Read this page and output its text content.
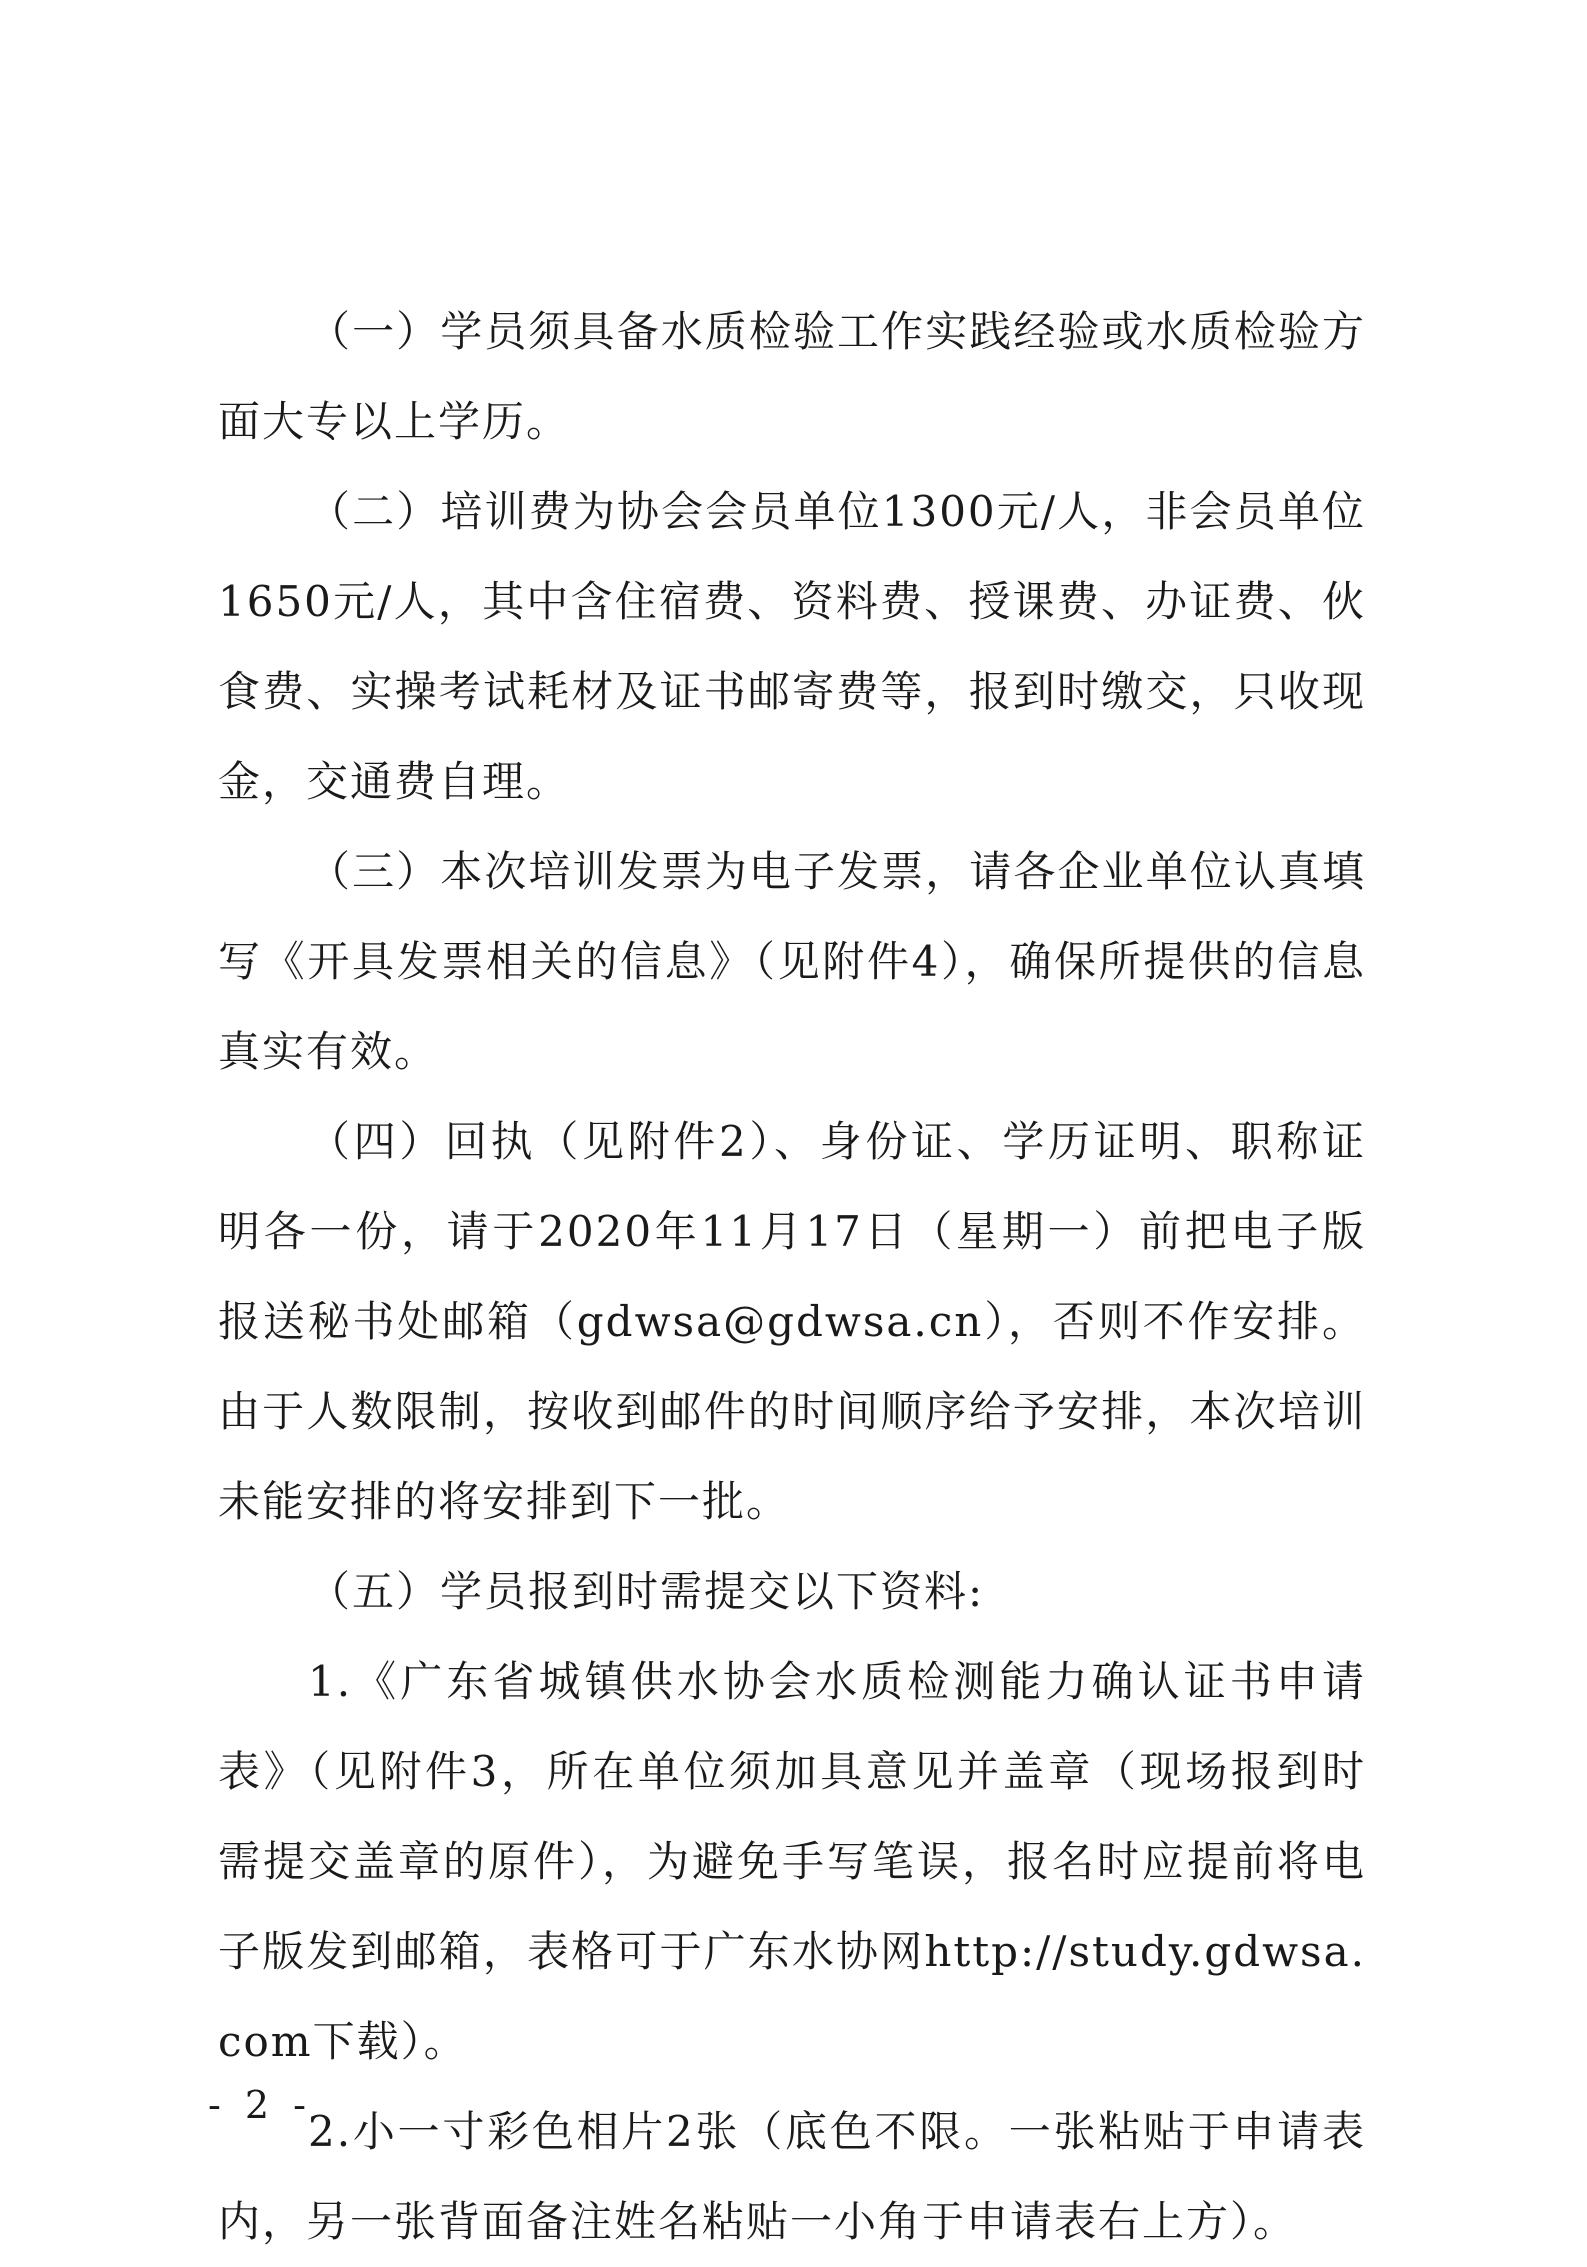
（一）学员须具备水质检验工作实践经验或水质检验方面大专以上学历。

（二）培训费为协会会员单位1300元/人，非会员单位1650元/人，其中含住宿费、资料费、授课费、办证费、伙食费、实操考试耗材及证书邮寄费等，报到时缴交，只收现金，交通费自理。

（三）本次培训发票为电子发票，请各企业单位认真填写《开具发票相关的信息》（见附件4），确保所提供的信息真实有效。

（四）回执（见附件2）、身份证、学历证明、职称证明各一份，请于2020年11月17日（星期一）前把电子版报送秘书处邮箱（gdwsa@gdwsa.cn），否则不作安排。由于人数限制，按收到邮件的时间顺序给予安排，本次培训未能安排的将安排到下一批。

（五）学员报到时需提交以下资料:

1.《广东省城镇供水协会水质检测能力确认证书申请表》（见附件3，所在单位须加具意见并盖章（现场报到时需提交盖章的原件），为避免手写笔误，报名时应提前将电子版发到邮箱，表格可于广东水协网http://study.gdwsa.com下载）。

2.小一寸彩色相片2张（底色不限。一张粘贴于申请表内，另一张背面备注姓名粘贴一小角于申请表右上方）。

- 2 -
